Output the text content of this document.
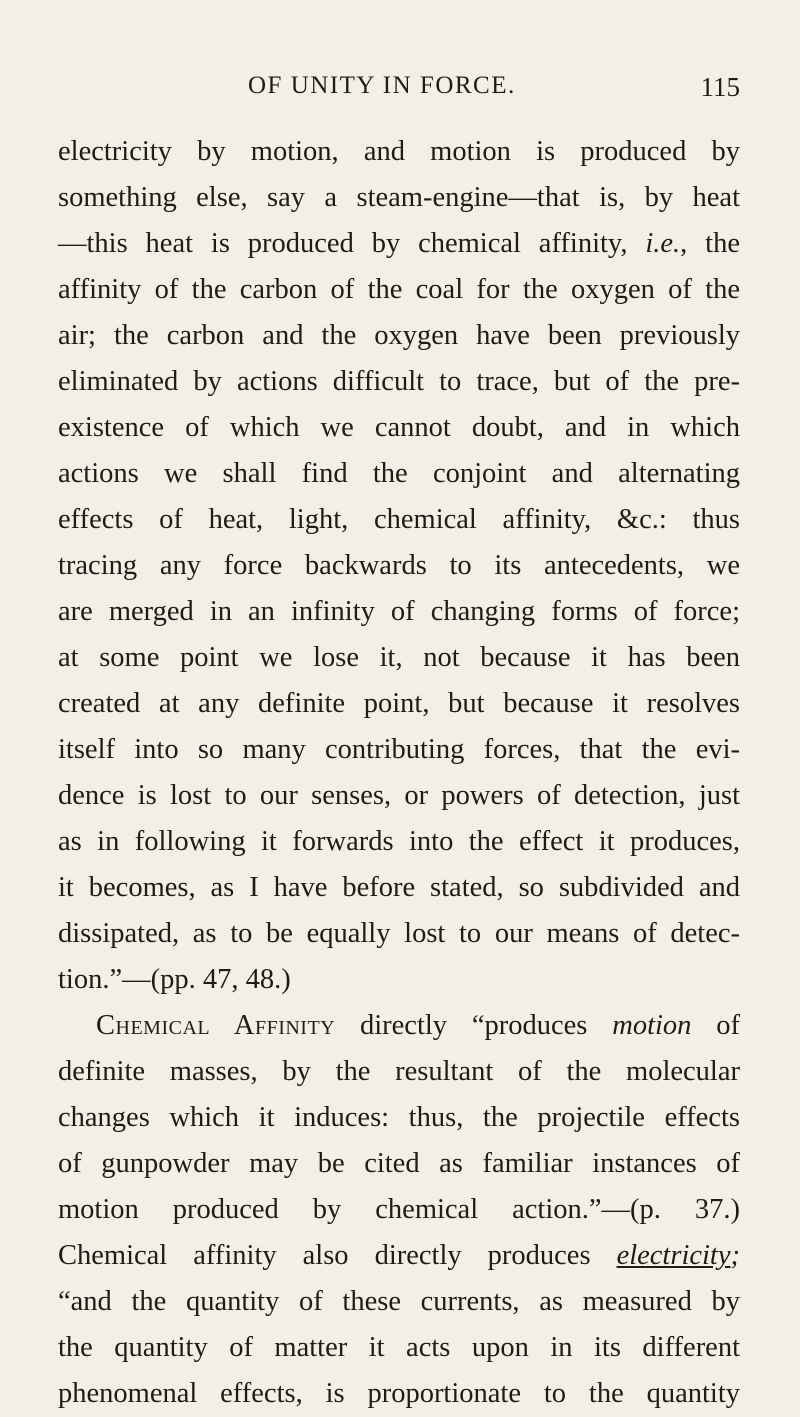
OF UNITY IN FORCE.	115
electricity by motion, and motion is produced by
something else, say a steam-engine—that is, by heat
—this heat is produced by chemical affinity, i.e., the
affinity of the carbon of the coal for the oxygen of the
air; the carbon and the oxygen have been previously
eliminated by actions difficult to trace, but of the pre-
existence of which we cannot doubt, and in which
actions we shall find the conjoint and alternating
effects of heat, light, chemical affinity, &c.: thus
tracing any force backwards to its antecedents, we
are merged in an infinity of changing forms of force;
at some point we lose it, not because it has been
created at any definite point, but because it resolves
itself into so many contributing forces, that the evi-
dence is lost to our senses, or powers of detection, just
as in following it forwards into the effect it produces,
it becomes, as I have before stated, so subdivided and
dissipated, as to be equally lost to our means of detec-
tion.”—(pp. 47, 48.)
Chemical Affinity directly “produces motion of
definite masses, by the resultant of the molecular
changes which it induces: thus, the projectile effects
of gunpowder may be cited as familiar instances of
motion produced by chemical action.”—(p. 37.)
Chemical affinity also directly produces electricity;
“and the quantity of these currents, as measured by
the quantity of matter it acts upon in its different
phenomenal effects, is proportionate to the quantity
